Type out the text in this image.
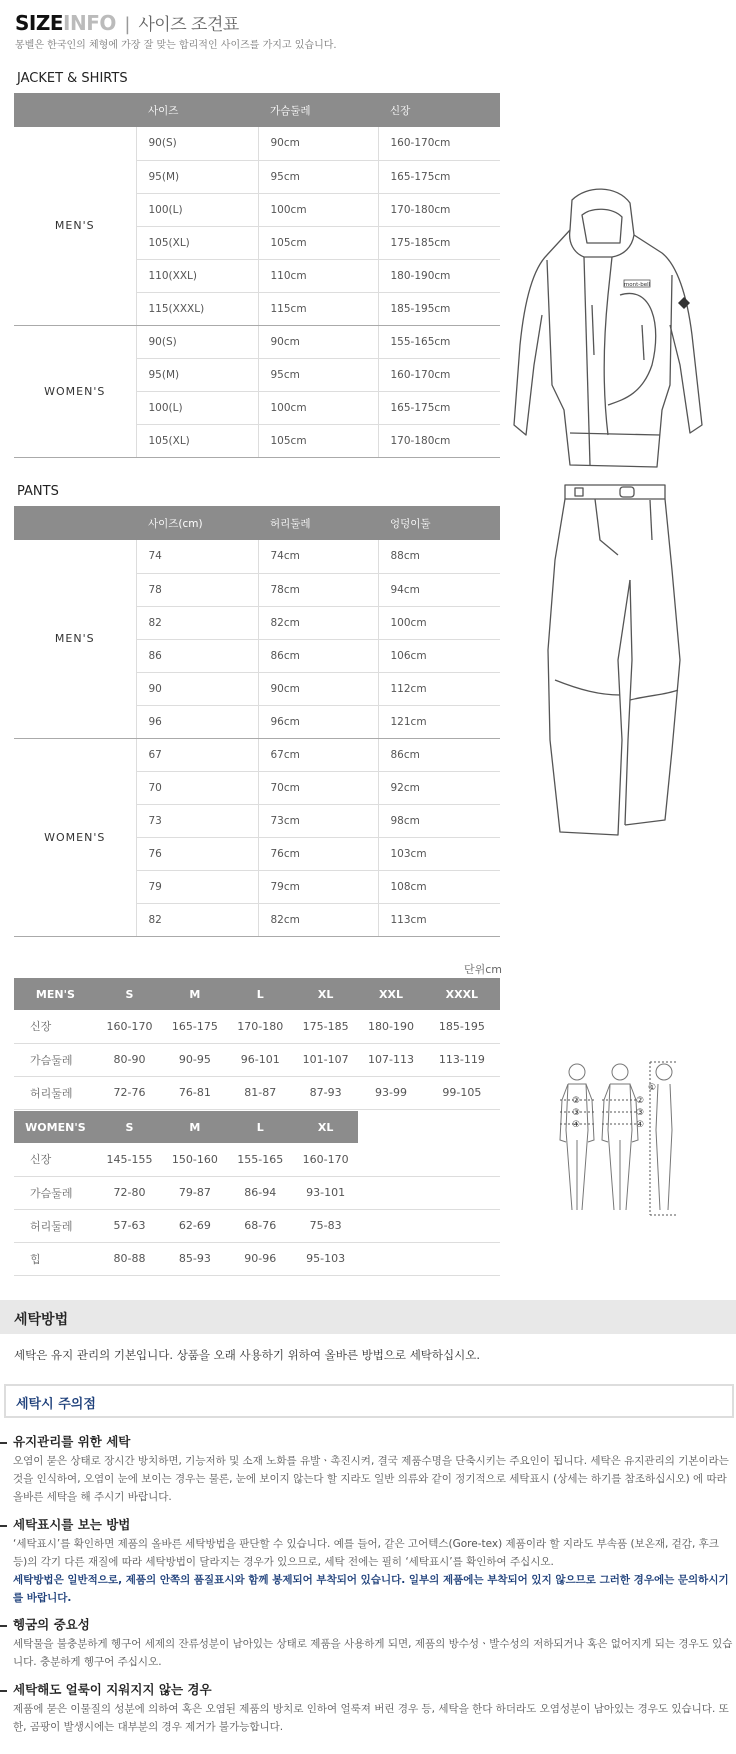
SIZEINFO | 사이즈 조견표
몽벨은 한국인의 체형에 가장 잘 맞는 합리적인 사이즈를 가지고 있습니다.
JACKET & SHIRTS
	사이즈	가슴둘레	신장
MEN'S	90(S)	90cm	160-170cm
	95(M)	95cm	165-175cm
	100(L)	100cm	170-180cm
	105(XL)	105cm	175-185cm
	110(XXL)	110cm	180-190cm
	115(XXXL)	115cm	185-195cm
WOMEN'S	90(S)	90cm	155-165cm
	95(M)	95cm	160-170cm
	100(L)	100cm	165-175cm
	105(XL)	105cm	170-180cm
PANTS
	사이즈(cm)	허리둘레	엉덩이둘
MEN'S	74	74cm	88cm
	78	78cm	94cm
	82	82cm	100cm
	86	86cm	106cm
	90	90cm	112cm
	96	96cm	121cm
WOMEN'S	67	67cm	86cm
	70	70cm	92cm
	73	73cm	98cm
	76	76cm	103cm
	79	79cm	108cm
	82	82cm	113cm
mont-bell
단위cm
MEN'S	S	M	L	XL	XXL	XXXL
신장	160-170	165-175	170-180	175-185	180-190	185-195
가슴둘레	80-90	90-95	96-101	101-107	107-113	113-119
허리둘레	72-76	76-81	81-87	87-93	93-99	99-105
WOMEN'S	S	M	L	XL		
신장	145-155	150-160	155-165	160-170		
가슴둘레	72-80	79-87	86-94	93-101		
허리둘레	57-63	62-69	68-76	75-83		
힙	80-88	85-93	90-96	95-103		
①
②
③
④
②
③
④
세탁방법
세탁은 유지 관리의 기본입니다. 상품을 오래 사용하기 위하여 올바른 방법으로 세탁하십시오.
세탁시 주의점
유지관리를 위한 세탁
오염이 묻은 상태로 장시간 방치하면, 기능저하 및 소재 노화를 유발ㆍ촉진시켜, 결국 제품수명을 단축시키는 주요인이 됩니다. 세탁은 유지관리의 기본이라는 것을 인식하여, 오염이 눈에 보이는 경우는 물론, 눈에 보이지 않는다 할 지라도 일반 의류와 같이 정기적으로 세탁표시 (상세는 하기를 참조하십시오) 에 따라 올바른 세탁을 해 주시기 바랍니다.
세탁표시를 보는 방법
‘세탁표시’를 확인하면 제품의 올바른 세탁방법을 판단할 수 있습니다. 예를 들어, 같은 고어텍스(Gore-tex) 제품이라 할 지라도 부속품 (보온재, 겉감, 후크 등)의 각기 다른 재질에 따라 세탁방법이 달라지는 경우가 있으므로, 세탁 전에는 필히 ‘세탁표시’를 확인하여 주십시오.
세탁방법은 일반적으로, 제품의 안쪽의 품질표시와 함께 봉제되어 부착되어 있습니다. 일부의 제품에는 부착되어 있지 않으므로 그러한 경우에는 문의하시기를 바랍니다.
헹굼의 중요성
세탁물을 불충분하게 헹구어 세제의 잔류성분이 남아있는 상태로 제품을 사용하게 되면, 제품의 방수성ㆍ발수성의 저하되거나 혹은 없어지게 되는 경우도 있습니다. 충분하게 헹구어 주십시오.
세탁해도 얼룩이 지워지지 않는 경우
제품에 묻은 이물질의 성분에 의하여 혹은 오염된 제품의 방치로 인하여 얼룩져 버린 경우 등, 세탁을 한다 하더라도 오염성분이 남아있는 경우도 있습니다. 또한, 곰팡이 발생시에는 대부분의 경우 제거가 불가능합니다.
